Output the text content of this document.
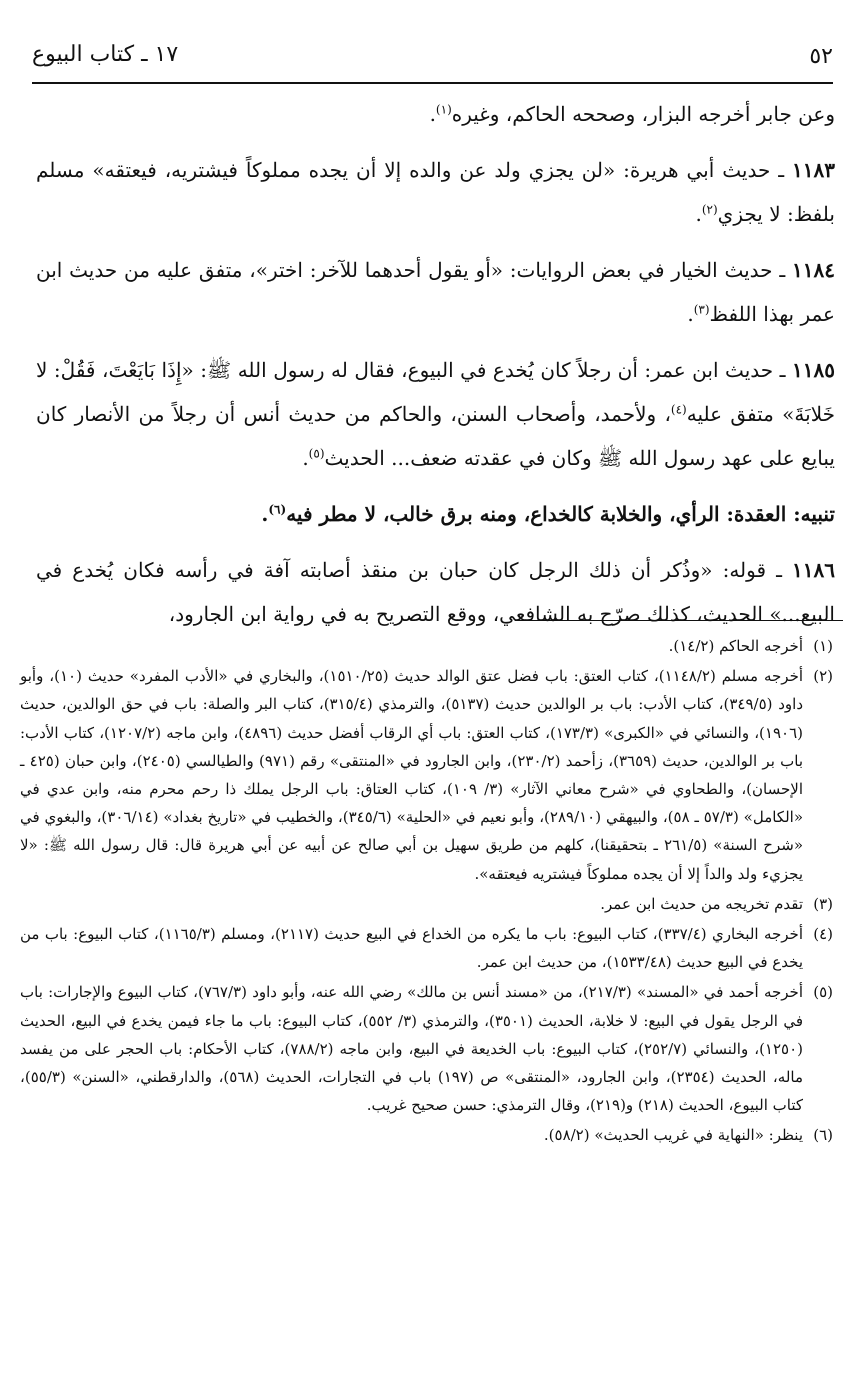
٥٢
١٧ ـ كتاب البيوع

وعن جابر أخرجه البزار، وصححه الحاكم، وغيره$^{(١)}$.

١١٨٣ ـ حديث أبي هريرة: «لن يجزي ولد عن والده إلا أن يجده مملوكاً فيشتريه، فيعتقه» مسلم بلفظ: لا يجزي$^{(٢)}$.

١١٨٤ ـ حديث الخيار في بعض الروايات: «أو يقول أحدهما للآخر: اختر»، متفق عليه من حديث ابن عمر بهذا اللفظ$^{(٣)}$.

١١٨٥ ـ حديث ابن عمر: أن رجلاً كان يُخدع في البيوع، فقال له رسول الله ﷺ: «إِذَا بَايَعْتَ، فَقُلْ: لا خَلابَةَ» متفق عليه$^{(٤)}$، ولأحمد، وأصحاب السنن، والحاكم من حديث أنس أن رجلاً من الأنصار كان يبايع على عهد رسول الله ﷺ وكان في عقدته ضعف... الحديث$^{(٥)}$.

تنبيه: العقدة: الرأي، والخلابة كالخداع، ومنه برق خالب، لا مطر فيه$^{(٦)}$.

١١٨٦ ـ قوله: «وذُكر أن ذلك الرجل كان حبان بن منقذ أصابته آفة في رأسه فكان يُخدع في البيع...» الحديث، كذلك صرّح به الشافعي، ووقع التصريح به في رواية ابن الجارود،

(١)
أخرجه الحاكم (١٤/٢).
(٢)
أخرجه مسلم (١١٤٨/٢)، كتاب العتق: باب فضل عتق الوالد حديث (١٥١٠/٢٥)، والبخاري في «الأدب المفرد» حديث (١٠)، وأبو داود (٣٤٩/٥)، كتاب الأدب: باب بر الوالدين حديث (٥١٣٧)، والترمذي (٣١٥/٤)، كتاب البر والصلة: باب في حق الوالدين، حديث (١٩٠٦)، والنسائي في «الكبرى» (١٧٣/٣)، كتاب العتق: باب أي الرقاب أفضل حديث (٤٨٩٦)، وابن ماجه (١٢٠٧/٢)، كتاب الأدب: باب بر الوالدين، حديث (٣٦٥٩)، زأحمد (٢٣٠/٢)، وابن الجارود في «المنتقى» رقم (٩٧١) والطيالسي (٢٤٠٥)، وابن حبان (٤٢٥ ـ الإحسان)، والطحاوي في «شرح معاني الآثار» (٣/ ١٠٩)، كتاب العتاق: باب الرجل يملك ذا رحم محرم منه، وابن عدي في «الكامل» (٥٧/٣ ـ ٥٨)، والبيهقي (٢٨٩/١٠)، وأبو نعيم في «الحلية» (٣٤٥/٦)، والخطيب في «تاريخ بغداد» (٣٠٦/١٤)، والبغوي في «شرح السنة» (٢٦١/٥ ـ بتحقيقنا)، كلهم من طريق سهيل بن أبي صالح عن أبيه عن أبي هريرة قال: قال رسول الله ﷺ: «لا يجزيء ولد والداً إلا أن يجده مملوكاً فيشتريه فيعتقه».
(٣)
تقدم تخريجه من حديث ابن عمر.
(٤)
أخرجه البخاري (٣٣٧/٤)، كتاب البيوع: باب ما يكره من الخداع في البيع حديث (٢١١٧)، ومسلم (١١٦٥/٣)، كتاب البيوع: باب من يخدع في البيع حديث (١٥٣٣/٤٨)، من حديث ابن عمر.
(٥)
أخرجه أحمد في «المسند» (٢١٧/٣)، من «مسند أنس بن مالك» رضي الله عنه، وأبو داود (٧٦٧/٣)، كتاب البيوع والإجارات: باب في الرجل يقول في البيع: لا خلابة، الحديث (٣٥٠١)، والترمذي (٣/ ٥٥٢)، كتاب البيوع: باب ما جاء فيمن يخدع في البيع، الحديث (١٢٥٠)، والنسائي (٢٥٢/٧)، كتاب البيوع: باب الخديعة في البيع، وابن ماجه (٧٨٨/٢)، كتاب الأحكام: باب الحجر على من يفسد ماله، الحديث (٢٣٥٤)، وابن الجارود، «المنتقى» ص (١٩٧) باب في التجارات، الحديث (٥٦٨)، والدارقطني، «السنن» (٥٥/٣)، كتاب البيوع، الحديث (٢١٨) و(٢١٩)، وقال الترمذي: حسن صحيح غريب.
(٦)
ينظر: «النهاية في غريب الحديث» (٥٨/٢).
